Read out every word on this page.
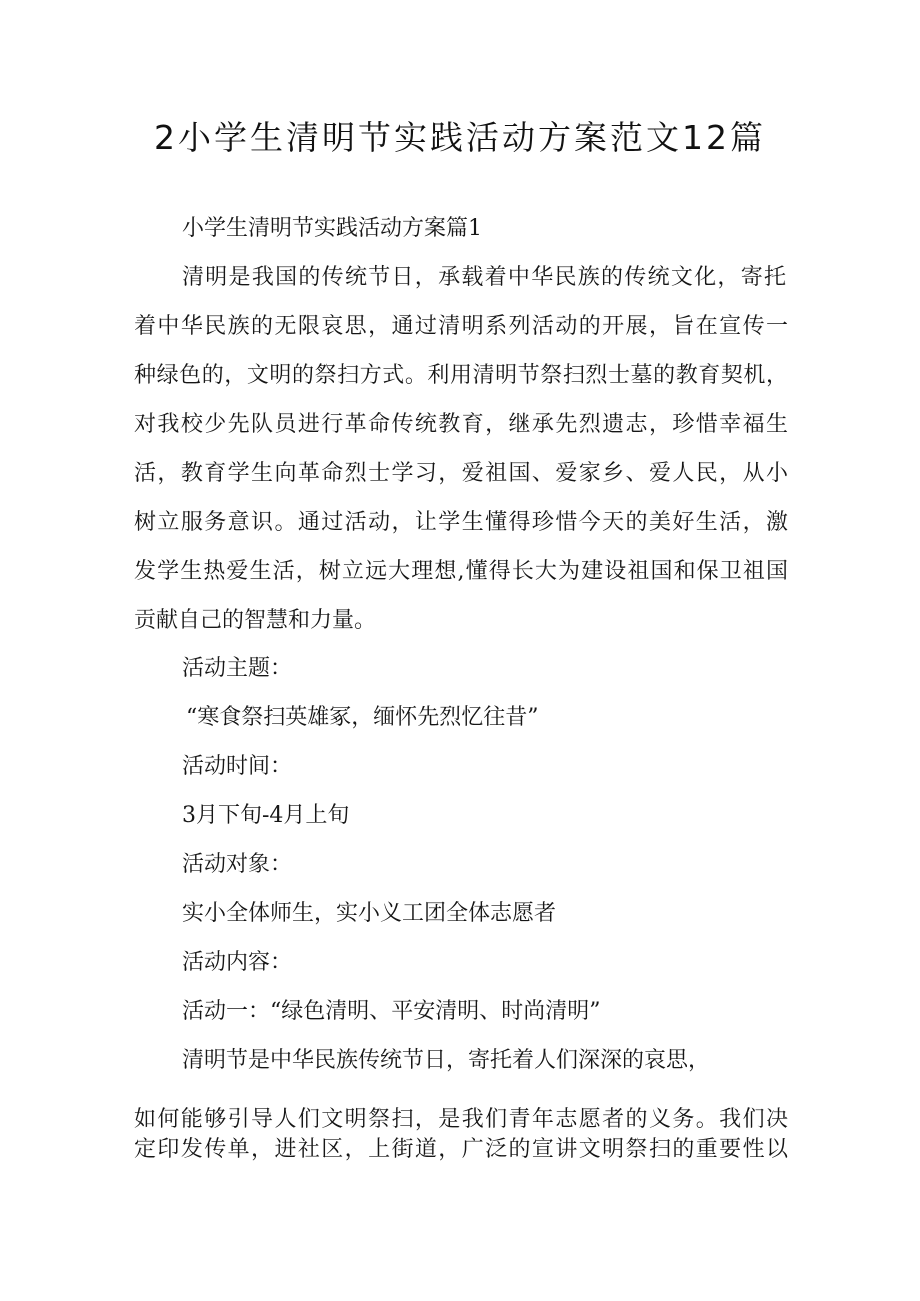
2小学生清明节实践活动方案范文12篇
小学生清明节实践活动方案篇1
清明是我国的传统节日，承载着中华民族的传统文化，寄托
着中华民族的无限哀思，通过清明系列活动的开展，旨在宣传一
种绿色的，文明的祭扫方式。利用清明节祭扫烈士墓的教育契机，
对我校少先队员进行革命传统教育，继承先烈遗志，珍惜幸福生
活，教育学生向革命烈士学习，爱祖国、爱家乡、爱人民，从小
树立服务意识。通过活动，让学生懂得珍惜今天的美好生活，激
发学生热爱生活，树立远大理想,懂得长大为建设祖国和保卫祖国
贡献自己的智慧和力量。
活动主题：
“寒食祭扫英雄冢，缅怀先烈忆往昔”
活动时间：
3月下旬-4月上旬
活动对象：
实小全体师生，实小义工团全体志愿者
活动内容：
活动一：“绿色清明、平安清明、时尚清明”
清明节是中华民族传统节日，寄托着人们深深的哀思，
如何能够引导人们文明祭扫，是我们青年志愿者的义务。我们决
定印发传单，进社区，上街道，广泛的宣讲文明祭扫的重要性以
